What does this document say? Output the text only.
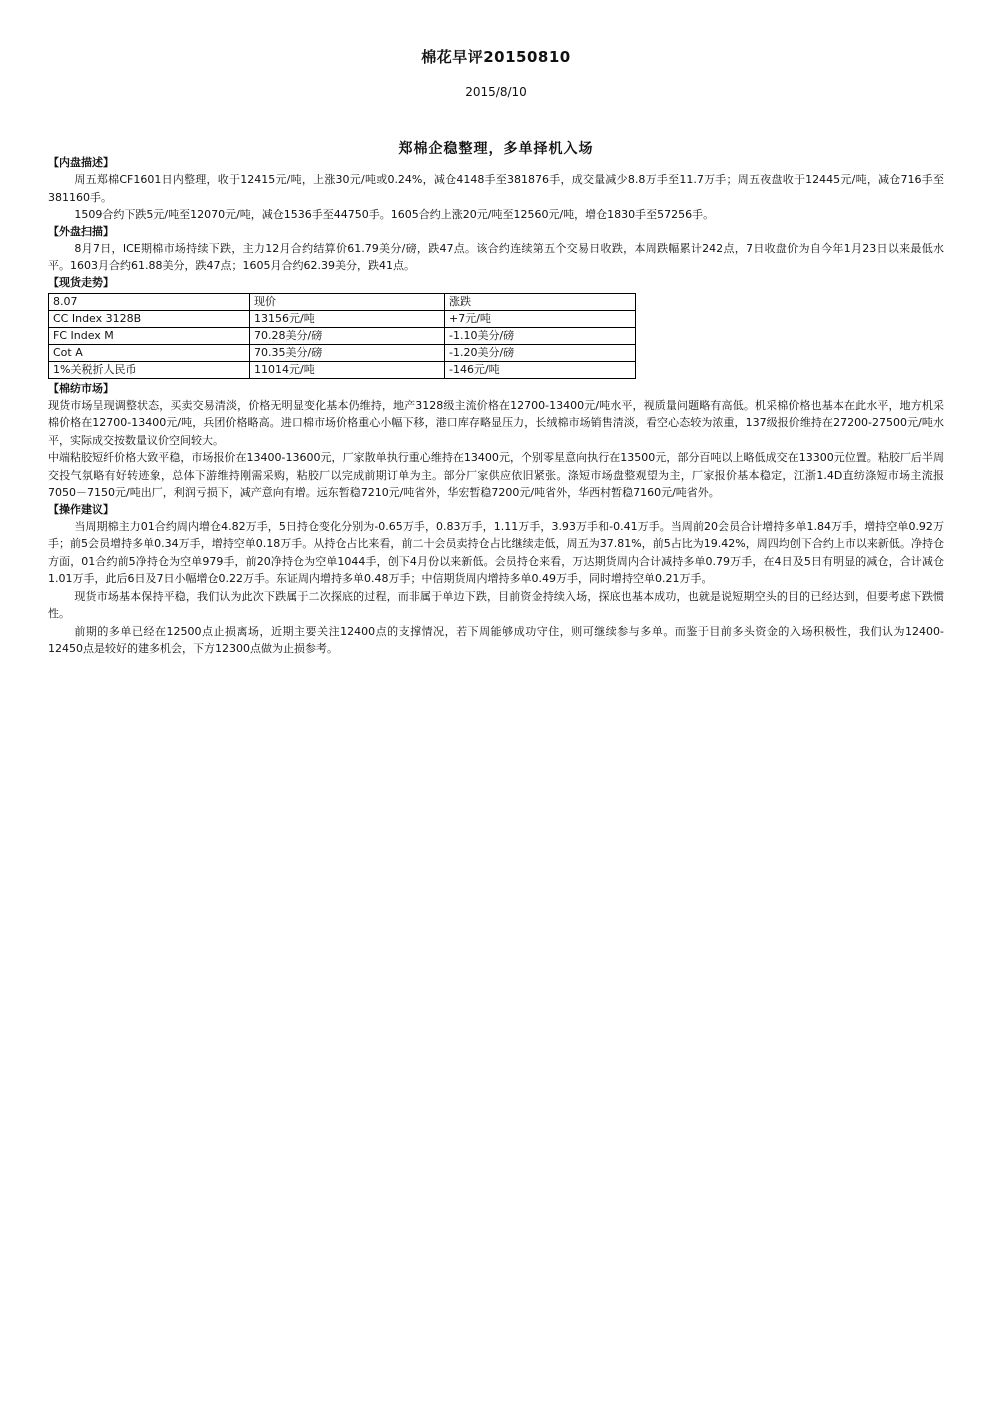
棉花早评20150810
2015/8/10
郑棉企稳整理，多单择机入场
【内盘描述】

周五郑棉CF1601日内整理，收于12415元/吨，上涨30元/吨或0.24%，减仓4148手至381876手，成交量减少8.8万手至11.7万手；周五夜盘收于12445元/吨，减仓716手至381160手。

1509合约下跌5元/吨至12070元/吨，减仓1536手至44750手。1605合约上涨20元/吨至12560元/吨，增仓1830手至57256手。

【外盘扫描】

8月7日，ICE期棉市场持续下跌，主力12月合约结算价61.79美分/磅，跌47点。该合约连续第五个交易日收跌，本周跌幅累计242点，7日收盘价为自今年1月23日以来最低水平。1603月合约61.88美分，跌47点；1605月合约62.39美分，跌41点。

【现货走势】
8.07	现价	涨跌
CC Index 3128B	13156元/吨	+7元/吨
FC Index M	70.28美分/磅	-1.10美分/磅
Cot A	70.35美分/磅	-1.20美分/磅
1%关税折人民币	11014元/吨	-146元/吨
【棉纺市场】

现货市场呈现调整状态，买卖交易清淡，价格无明显变化基本仍维持，地产3128级主流价格在12700-13400元/吨水平，视质量问题略有高低。机采棉价格也基本在此水平，地方机采棉价格在12700-13400元/吨，兵团价格略高。进口棉市场价格重心小幅下移，港口库存略显压力，长绒棉市场销售清淡，看空心态较为浓重，137级报价维持在27200-27500元/吨水平，实际成交按数量议价空间较大。

中端粘胶短纤价格大致平稳，市场报价在13400-13600元，厂家散单执行重心维持在13400元，个别零星意向执行在13500元，部分百吨以上略低成交在13300元位置。粘胶厂后半周交投气氛略有好转迹象，总体下游维持刚需采购，粘胶厂以完成前期订单为主。部分厂家供应依旧紧张。涤短市场盘整观望为主，厂家报价基本稳定，江浙1.4D直纺涤短市场主流报7050－7150元/吨出厂，利润亏损下，减产意向有增。远东暂稳7210元/吨省外，华宏暂稳7200元/吨省外，华西村暂稳7160元/吨省外。

【操作建议】

当周期棉主力01合约周内增仓4.82万手，5日持仓变化分别为-0.65万手，0.83万手，1.11万手，3.93万手和-0.41万手。当周前20会员合计增持多单1.84万手，增持空单0.92万手；前5会员增持多单0.34万手，增持空单0.18万手。从持仓占比来看，前二十会员卖持仓占比继续走低，周五为37.81%，前5占比为19.42%，周四均创下合约上市以来新低。净持仓方面，01合约前5净持仓为空单979手，前20净持仓为空单1044手，创下4月份以来新低。会员持仓来看，万达期货周内合计减持多单0.79万手，在4日及5日有明显的减仓，合计减仓1.01万手，此后6日及7日小幅增仓0.22万手。东证周内增持多单0.48万手；中信期货周内增持多单0.49万手，同时增持空单0.21万手。

现货市场基本保持平稳，我们认为此次下跌属于二次探底的过程，而非属于单边下跌，目前资金持续入场，探底也基本成功，也就是说短期空头的目的已经达到，但要考虑下跌惯性。

前期的多单已经在12500点止损离场，近期主要关注12400点的支撑情况，若下周能够成功守住，则可继续参与多单。而鉴于目前多头资金的入场积极性，我们认为12400-12450点是较好的建多机会，下方12300点做为止损参考。
